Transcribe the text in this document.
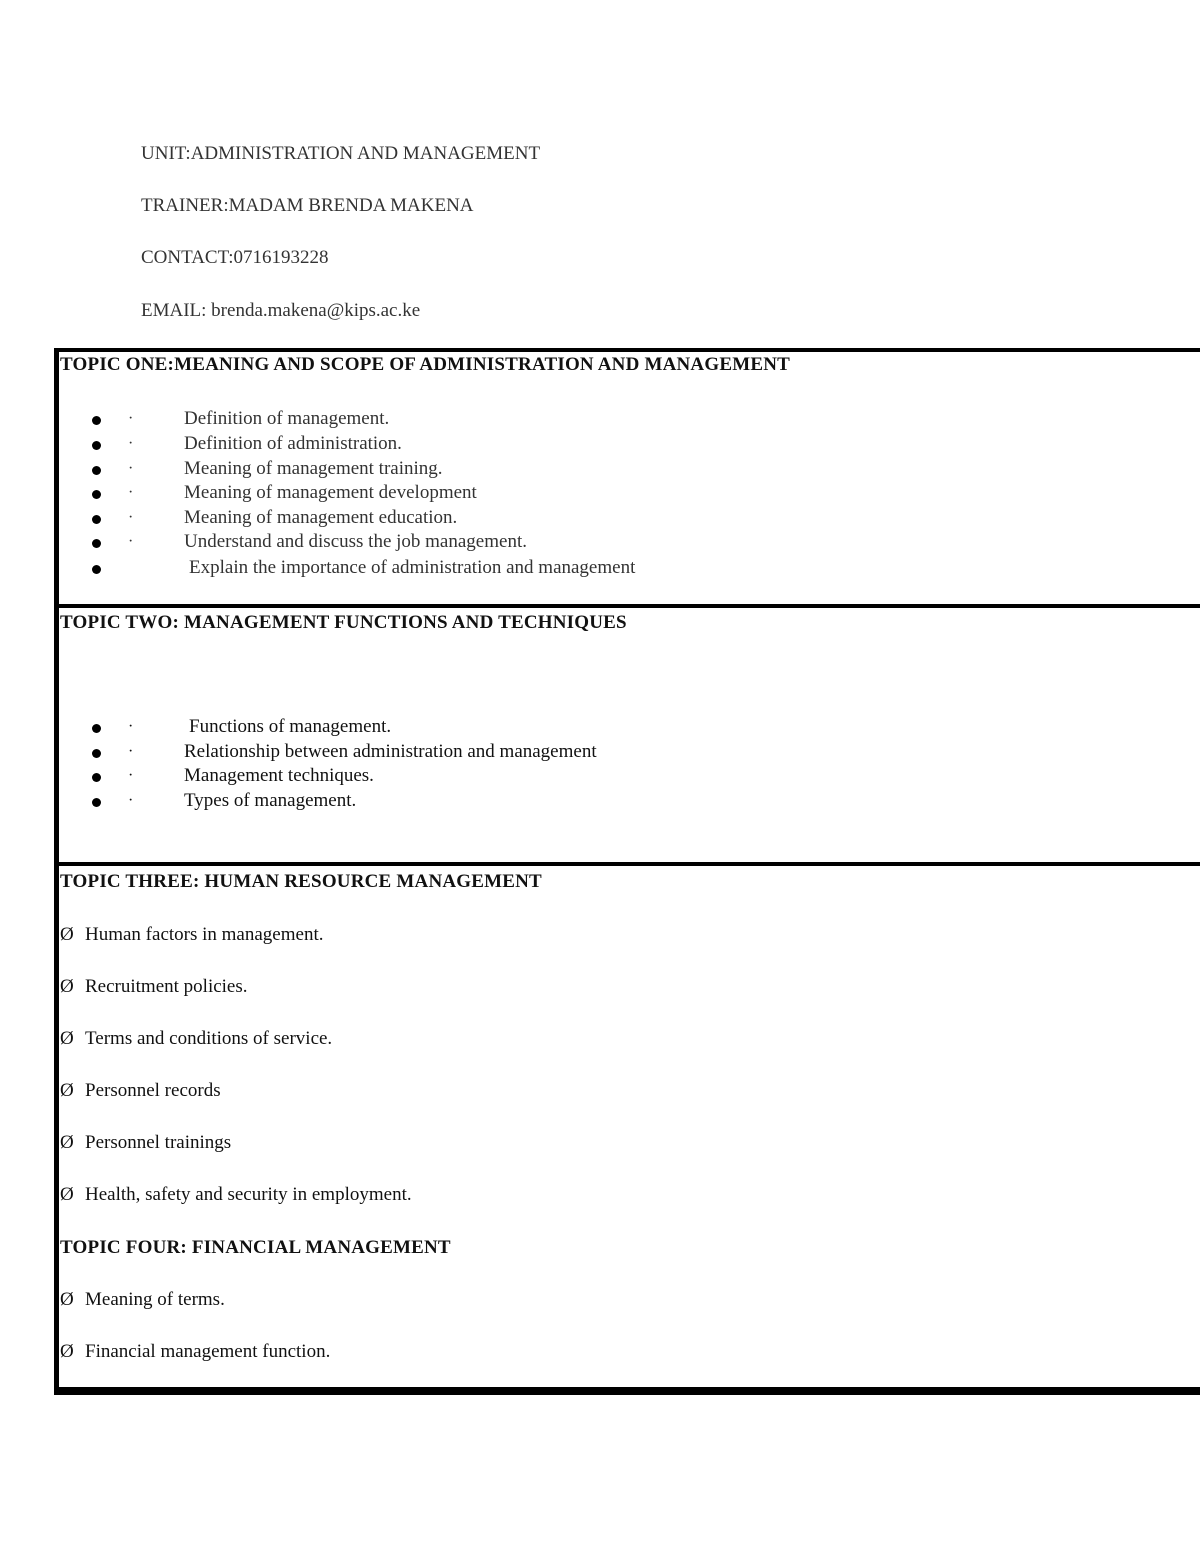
UNIT:ADMINISTRATION AND MANAGEMENT
TRAINER:MADAM BRENDA MAKENA
CONTACT:0716193228
EMAIL: brenda.makena@kips.ac.ke
TOPIC ONE:MEANING AND SCOPE OF ADMINISTRATION AND MANAGEMENT
·	Definition of management.
·	Definition of administration.
·	Meaning of management training.
·	Meaning of management development
·	Meaning of management education.
·	Understand and discuss the job management.
Explain the importance of administration and management
TOPIC TWO: MANAGEMENT FUNCTIONS AND TECHNIQUES
·	Functions of management.
·	Relationship between administration and management
·	Management techniques.
·	Types of management.
TOPIC THREE: HUMAN RESOURCE MANAGEMENT
Ø Human factors in management.
Ø Recruitment policies.
Ø Terms and conditions of service.
Ø Personnel records
Ø Personnel trainings
Ø Health, safety and security in employment.
TOPIC FOUR: FINANCIAL MANAGEMENT
Ø Meaning of terms.
Ø Financial management function.
